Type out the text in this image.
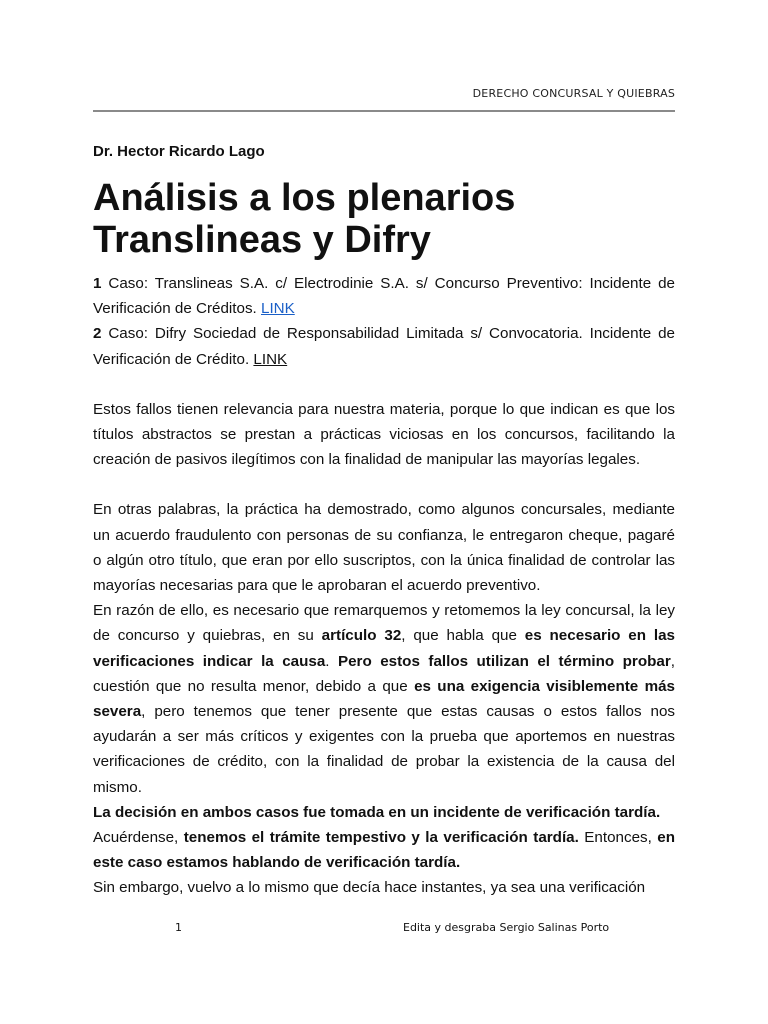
DERECHO CONCURSAL Y QUIEBRAS

Dr. Hector Ricardo Lago

Análisis a los plenarios Translineas y Difry

1 Caso: Translineas S.A. c/ Electrodinie S.A. s/ Concurso Preventivo: Incidente de Verificación de Créditos. LINK

2 Caso: Difry Sociedad de Responsabilidad Limitada s/ Convocatoria. Incidente de Verificación de Crédito. LINK

Estos fallos tienen relevancia para nuestra materia, porque lo que indican es que los títulos abstractos se prestan a prácticas viciosas en los concursos, facilitando la creación de pasivos ilegítimos con la finalidad de manipular las mayorías legales.

En otras palabras, la práctica ha demostrado, como algunos concursales, mediante un acuerdo fraudulento con personas de su confianza, le entregaron cheque, pagaré o algún otro título, que eran por ello suscriptos, con la única finalidad de controlar las mayorías necesarias para que le aprobaran el acuerdo preventivo.

En razón de ello, es necesario que remarquemos y retomemos la ley concursal, la ley de concurso y quiebras, en su artículo 32, que habla que es necesario en las verificaciones indicar la causa. Pero estos fallos utilizan el término probar, cuestión que no resulta menor, debido a que es una exigencia visiblemente más severa, pero tenemos que tener presente que estas causas o estos fallos nos ayudarán a ser más críticos y exigentes con la prueba que aportemos en nuestras verificaciones de crédito, con la finalidad de probar la existencia de la causa del mismo.

La decisión en ambos casos fue tomada en un incidente de verificación tardía.

Acuérdense, tenemos el trámite tempestivo y la verificación tardía. Entonces, en este caso estamos hablando de verificación tardía.

Sin embargo, vuelvo a lo mismo que decía hace instantes, ya sea una verificación

1	Edita y desgraba Sergio Salinas Porto
